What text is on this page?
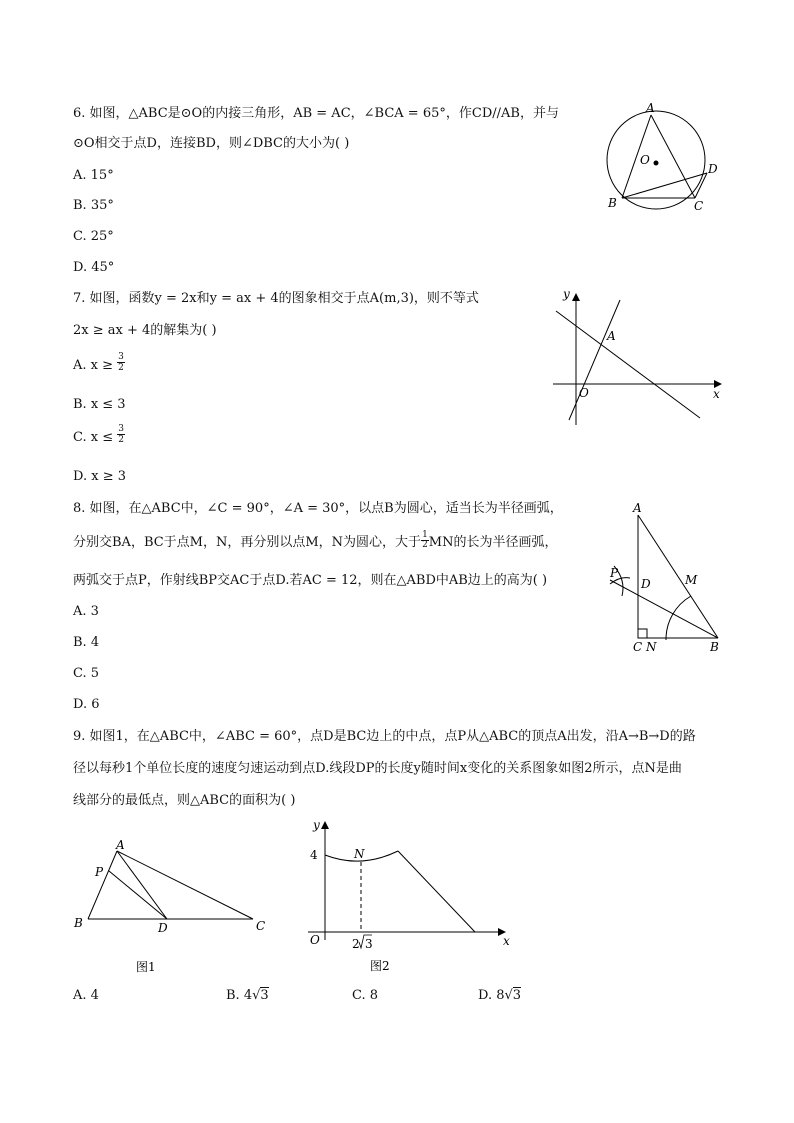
6. 如图，△ABC是⊙O的内接三角形，AB = AC，∠BCA = 65°，作CD//AB，并与
⊙O相交于点D，连接BD，则∠DBC的大小为( )
A. 15°
B. 35°
C. 25°
D. 45°
A
O
D
B	C
7. 如图，函数y = 2x和y = ax + 4的图象相交于点A(m,3)，则不等式
2x ≥ ax + 4的解集为( )
A. $x \ge \frac{3}{2}$
B. x ≤ 3
C. $x \le \frac{3}{2}$
D. x ≥ 3
y
A
O	x
8. 如图，在△ABC中，∠C = 90°，∠A = 30°，以点B为圆心，适当长为半径画弧，
分别交BA，BC于点M，N，再分别以点M，N为圆心，大于 $\frac{1}{2}$ MN的长为半径画弧，
两弧交于点P，作射线BP交AC于点D.若AC = 12，则在△ABD中AB边上的高为( )
A. 3
B. 4
C. 5
D. 6
A
P
D	M
C N	B
9. 如图1，在△ABC中，∠ABC = 60°，点D是BC边上的中点，点P从△ABC的顶点A出发，沿A→B→D的路
径以每秒1个单位长度的速度匀速运动到点D.线段DP的长度y随时间x变化的关系图象如图2所示，点N是曲
线部分的最低点，则△ABC的面积为( )
A
P
B	D	C
图1
y
4	N
O	x
2 3
图2
A. 4	B. 4√3	C. 8	D. 8√3
